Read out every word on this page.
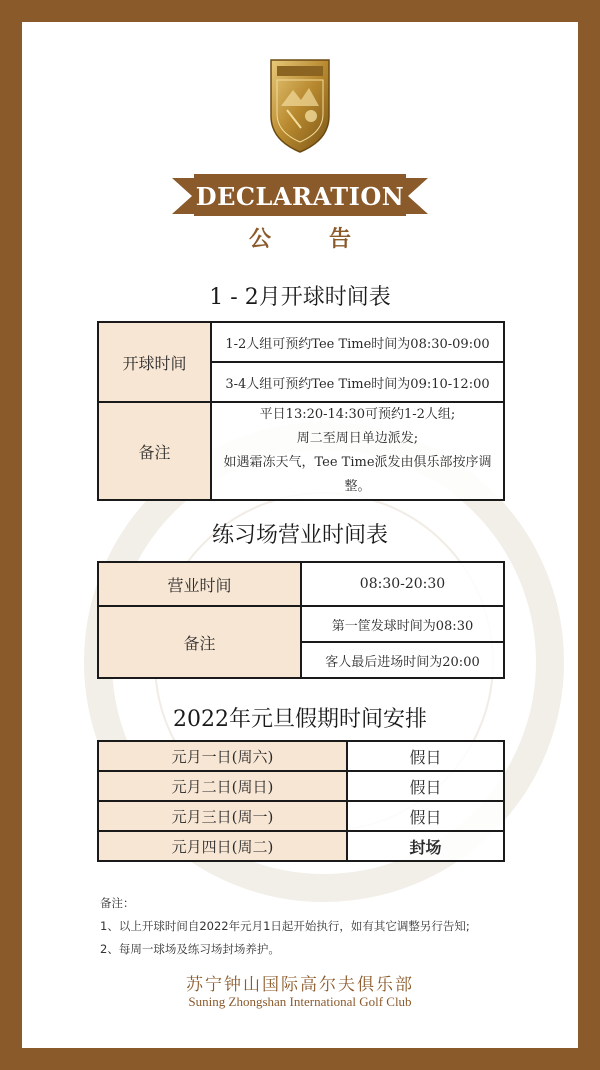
DECLARATION
公告
1 - 2月开球时间表
开球时间	1-2人组可预约Tee Time时间为08:30-09:00
	3-4人组可预约Tee Time时间为09:10-12:00
备注	平日13:20-14:30可预约1-2人组;
周二至周日单边派发;
如遇霜冻天气，Tee Time派发由俱乐部按序调整。
练习场营业时间表
营业时间	08:30-20:30
备注	第一筐发球时间为08:30
	客人最后进场时间为20:00
2022年元旦假期时间安排
元月一日(周六)	假日
元月二日(周日)	假日
元月三日(周一)	假日
元月四日(周二)	封场
备注：
1、以上开球时间自2022年元月1日起开始执行，如有其它调整另行告知;
2、每周一球场及练习场封场养护。
苏宁钟山国际高尔夫俱乐部
Suning Zhongshan International Golf Club
